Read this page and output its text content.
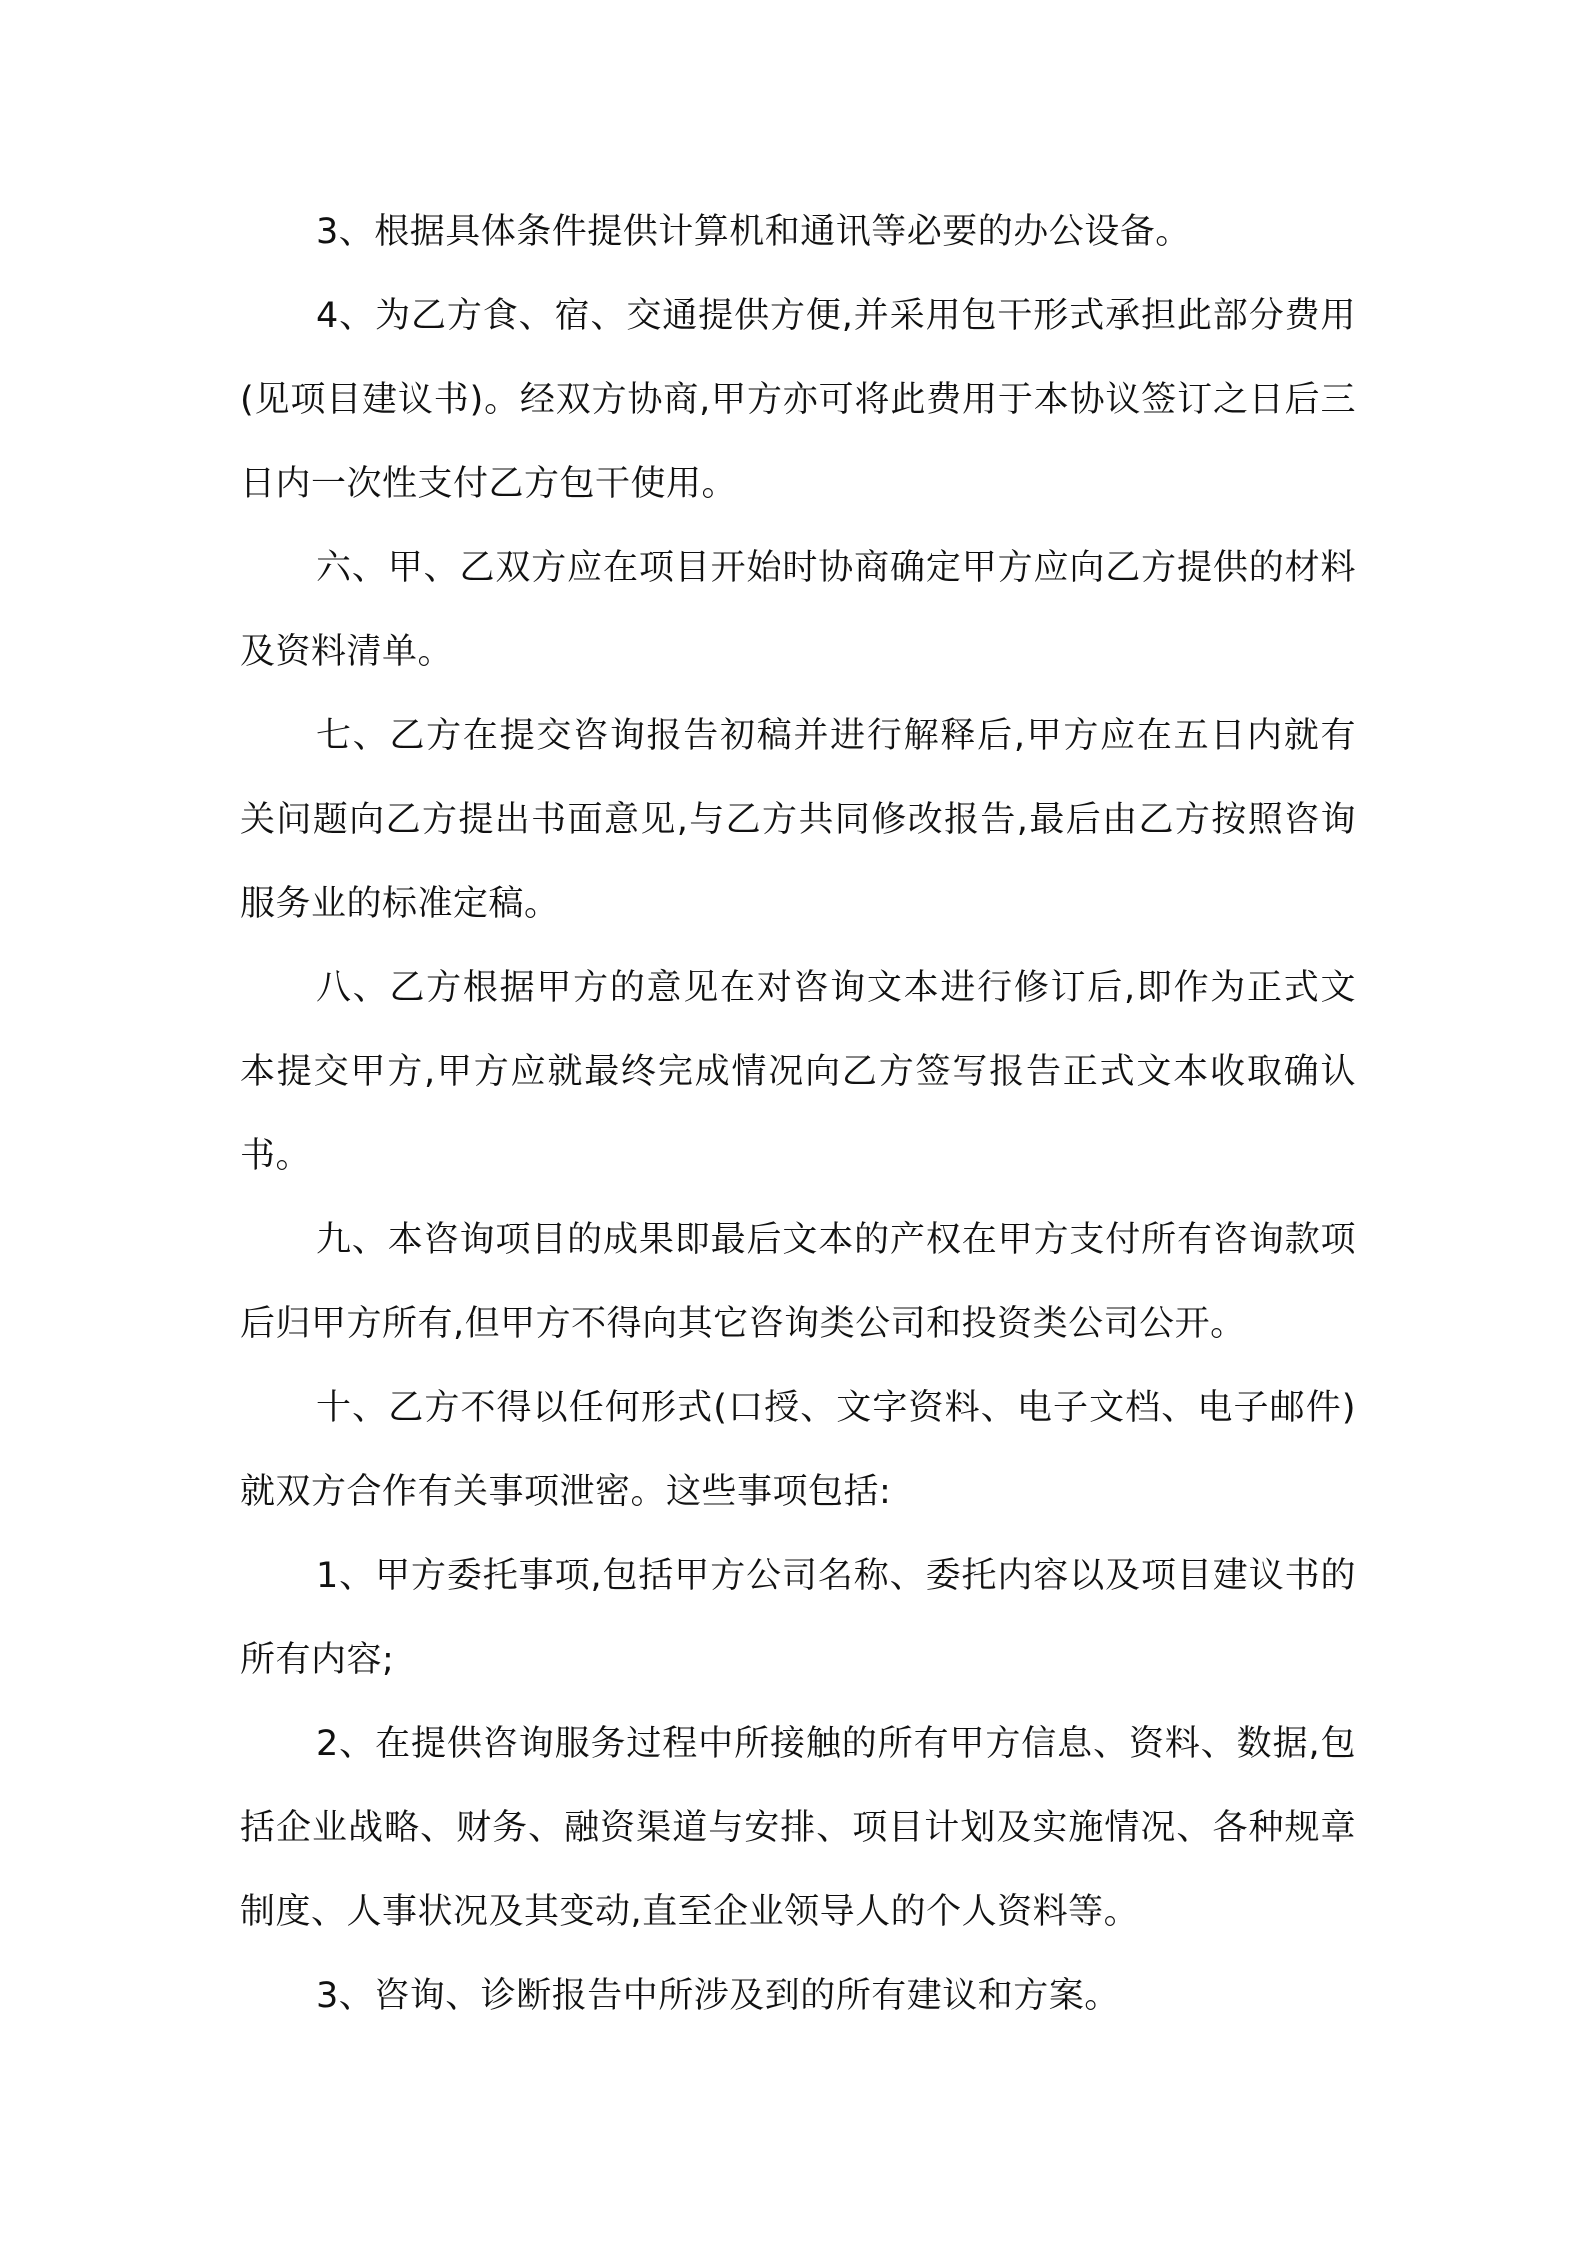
3、根据具体条件提供计算机和通讯等必要的办公设备。

4、为乙方食、宿、交通提供方便,并采用包干形式承担此部分费用(见项目建议书)。经双方协商,甲方亦可将此费用于本协议签订之日后三日内一次性支付乙方包干使用。

六、甲、乙双方应在项目开始时协商确定甲方应向乙方提供的材料及资料清单。

七、乙方在提交咨询报告初稿并进行解释后,甲方应在五日内就有关问题向乙方提出书面意见,与乙方共同修改报告,最后由乙方按照咨询服务业的标准定稿。

八、乙方根据甲方的意见在对咨询文本进行修订后,即作为正式文本提交甲方,甲方应就最终完成情况向乙方签写报告正式文本收取确认书。

九、本咨询项目的成果即最后文本的产权在甲方支付所有咨询款项后归甲方所有,但甲方不得向其它咨询类公司和投资类公司公开。

十、乙方不得以任何形式(口授、文字资料、电子文档、电子邮件)就双方合作有关事项泄密。这些事项包括:

1、甲方委托事项,包括甲方公司名称、委托内容以及项目建议书的所有内容;

2、在提供咨询服务过程中所接触的所有甲方信息、资料、数据,包括企业战略、财务、融资渠道与安排、项目计划及实施情况、各种规章制度、人事状况及其变动,直至企业领导人的个人资料等。

3、咨询、诊断报告中所涉及到的所有建议和方案。
